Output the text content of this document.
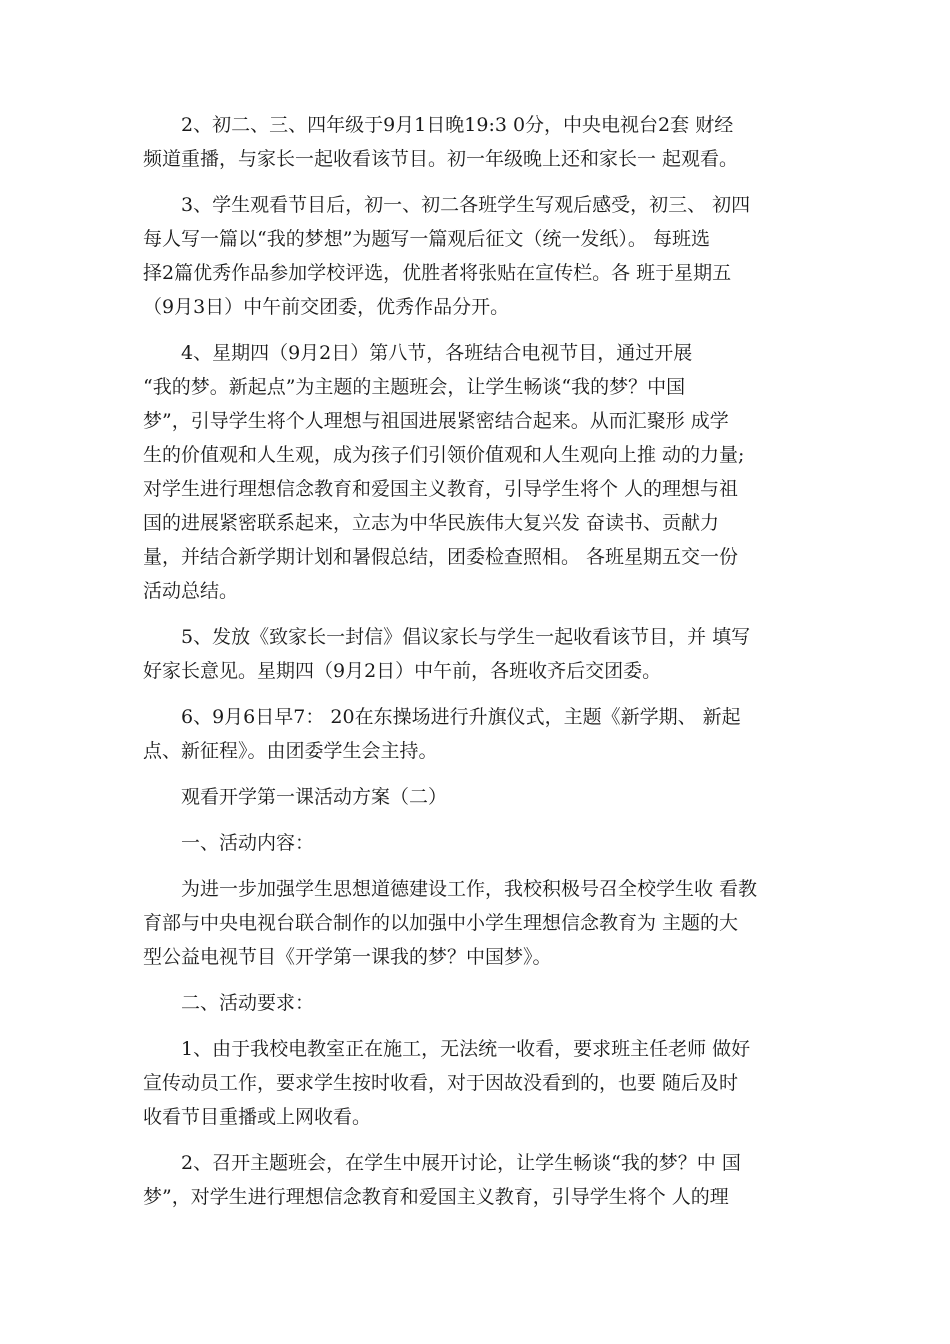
2、初二、三、四年级于9月1日晚19:3 0分，中央电视台2套 财经
频道重播，与家长一起收看该节目。初一年级晚上还和家长一 起观看。
3、学生观看节目后，初一、初二各班学生写观后感受，初三、 初四
每人写一篇以“我的梦想”为题写一篇观后征文（统一发纸）。 每班选
择2篇优秀作品参加学校评选，优胜者将张贴在宣传栏。各 班于星期五
（9月3日）中午前交团委，优秀作品分开。
4、星期四（9月2日）第八节，各班结合电视节目，通过开展
“我的梦。新起点”为主题的主题班会，让学生畅谈“我的梦？中国
梦”，引导学生将个人理想与祖国进展紧密结合起来。从而汇聚形 成学
生的价值观和人生观，成为孩子们引领价值观和人生观向上推 动的力量;
对学生进行理想信念教育和爱国主义教育，引导学生将个 人的理想与祖
国的进展紧密联系起来，立志为中华民族伟大复兴发 奋读书、贡献力
量，并结合新学期计划和暑假总结，团委检查照相。 各班星期五交一份
活动总结。
5、发放《致家长一封信》倡议家长与学生一起收看该节目，并 填写
好家长意见。星期四（9月2日）中午前，各班收齐后交团委。
6、9月6日早7： 20在东操场进行升旗仪式，主题《新学期、 新起
点、新征程》。由团委学生会主持。
观看开学第一课活动方案（二）
一、活动内容：
为进一步加强学生思想道德建设工作，我校积极号召全校学生收 看教
育部与中央电视台联合制作的以加强中小学生理想信念教育为 主题的大
型公益电视节目《开学第一课我的梦？中国梦》。
二、活动要求：
1、由于我校电教室正在施工，无法统一收看，要求班主任老师 做好
宣传动员工作，要求学生按时收看，对于因故没看到的，也要 随后及时
收看节目重播或上网收看。
2、召开主题班会，在学生中展开讨论，让学生畅谈“我的梦？中 国
梦”，对学生进行理想信念教育和爱国主义教育，引导学生将个 人的理
